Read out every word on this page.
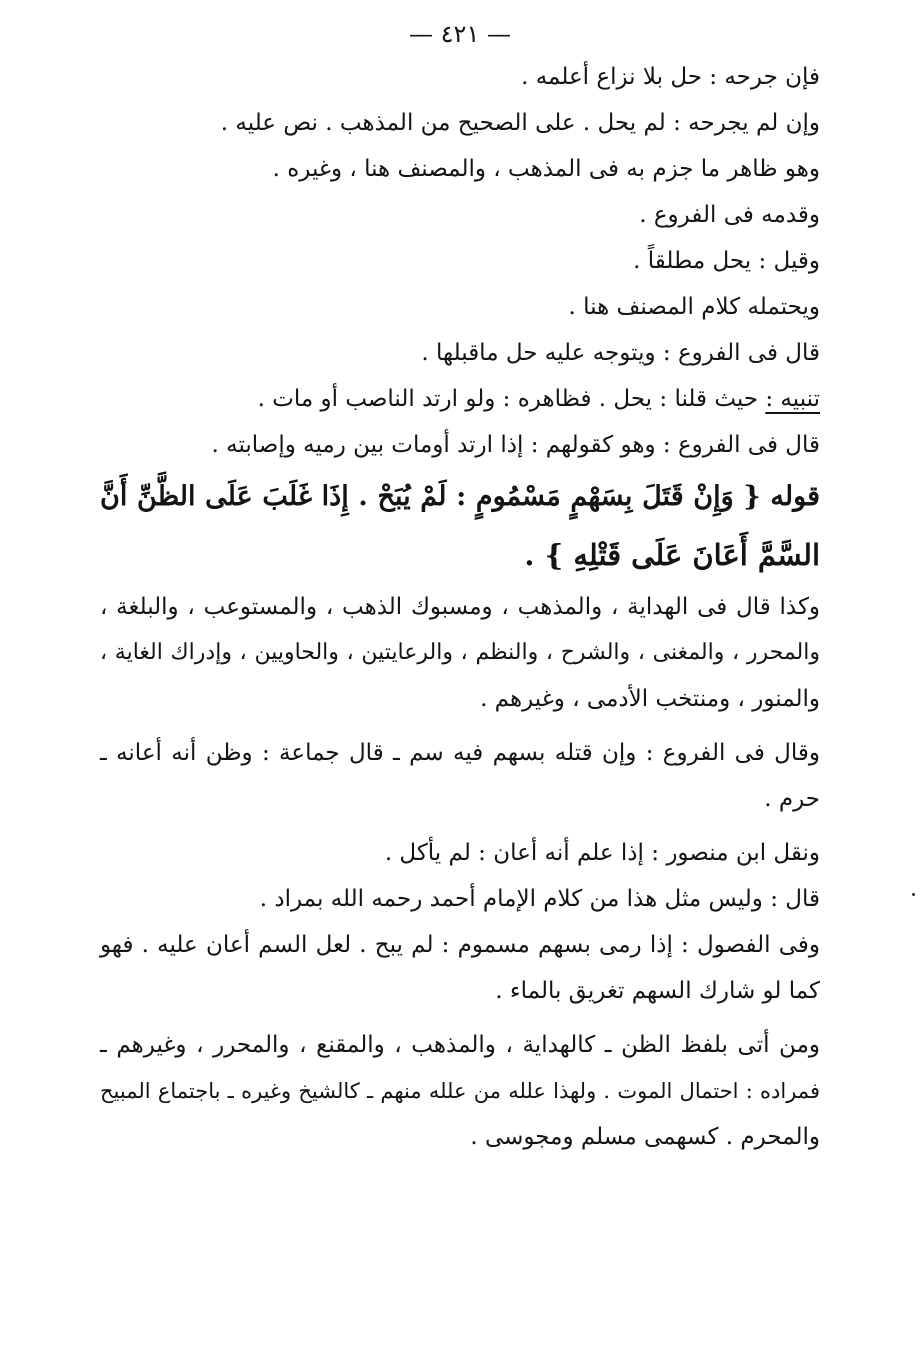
— ٤٢١ —
فإن جرحه : حل بلا نزاع أعلمه .
وإن لم يجرحه : لم يحل . على الصحيح من المذهب . نص عليه .
وهو ظاهر ما جزم به فى المذهب ، والمصنف هنا ، وغيره .
وقدمه فى الفروع .
وقيل : يحل مطلقاً .
ويحتمله كلام المصنف هنا .
قال فى الفروع : ويتوجه عليه حل ماقبلها .
تنبيه : حيث قلنا : يحل . فظاهره : ولو ارتد الناصب أو مات .
قال فى الفروع : وهو كقولهم : إذا ارتد أومات بين رميه وإصابته .
قوله { وَإِنْ قَتَلَ بِسَهْمٍ مَسْمُومٍ : لَمْ يُبَحْ . إِذَا غَلَبَ عَلَى الظَّنِّ أَنَّ
السَّمَّ أَعَانَ عَلَى قَتْلِهِ } .
وكذا قال فى الهداية ، والمذهب ، ومسبوك الذهب ، والمستوعب ، والبلغة ،
والمحرر ، والمغنى ، والشرح ، والنظم ، والرعايتين ، والحاويين ، وإدراك الغاية ،
والمنور ، ومنتخب الأدمى ، وغيرهم .
وقال فى الفروع : وإن قتله بسهم فيه سم ـ قال جماعة : وظن أنه أعانه ـ
حرم .
ونقل ابن منصور : إذا علم أنه أعان : لم يأكل .
قال : وليس مثل هذا من كلام الإمام أحمد رحمه الله بمراد .
وفى الفصول : إذا رمى بسهم مسموم : لم يبح . لعل السم أعان عليه . فهو
كما لو شارك السهم تغريق بالماء .
ومن أتى بلفظ الظن ـ كالهداية ، والمذهب ، والمقنع ، والمحرر ، وغيرهم ـ
فمراده : احتمال الموت . ولهذا علله من علله منهم ـ كالشيخ وغيره ـ باجتماع المبيح
والمحرم . كسهمى مسلم ومجوسى .
